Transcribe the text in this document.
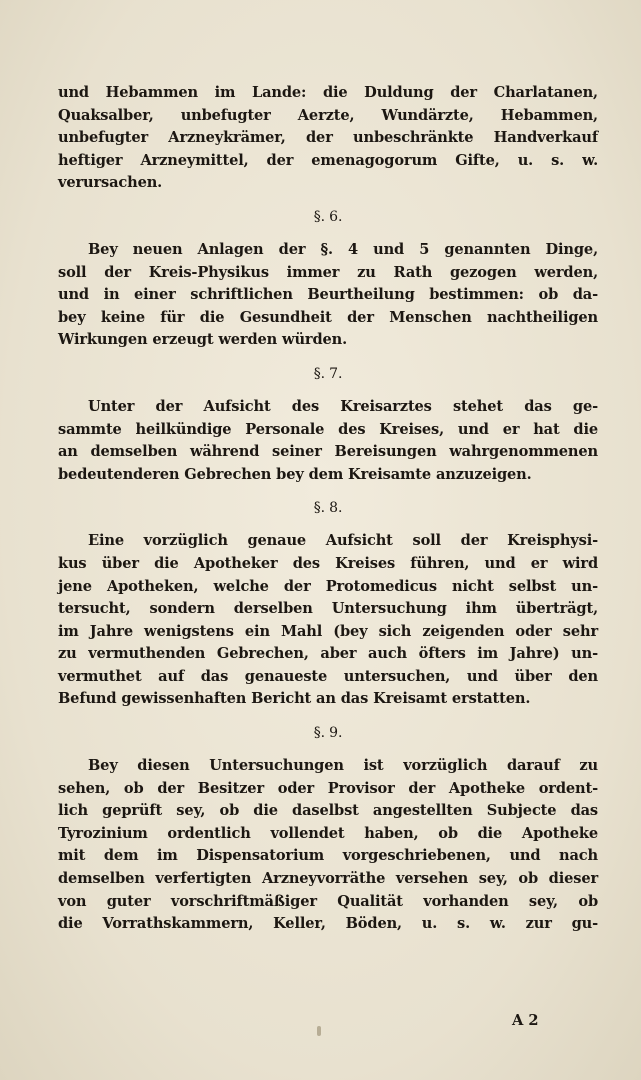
und Hebammen im Lande: die Duldung der Charlatanen,
Quaksalber, unbefugter Aerzte, Wundärzte, Hebammen,
unbefugter Arzneykrämer, der unbeschränkte Handverkauf
heftiger Arzneymittel, der emenagogorum Gifte, u. s. w.
verursachen.
§. 6.
Bey neuen Anlagen der §. 4 und 5 genannten Dinge,
soll der Kreis-Physikus immer zu Rath gezogen werden,
und in einer schriftlichen Beurtheilung bestimmen: ob da-
bey keine für die Gesundheit der Menschen nachtheiligen
Wirkungen erzeugt werden würden.
§. 7.
Unter der Aufsicht des Kreisarztes stehet das ge-
sammte heilkündige Personale des Kreises, und er hat die
an demselben während seiner Bereisungen wahrgenommenen
bedeutenderen Gebrechen bey dem Kreisamte anzuzeigen.
§. 8.
Eine vorzüglich genaue Aufsicht soll der Kreisphysi-
kus über die Apotheker des Kreises führen, und er wird
jene Apotheken, welche der Protomedicus nicht selbst un-
tersucht, sondern derselben Untersuchung ihm überträgt,
im Jahre wenigstens ein Mahl (bey sich zeigenden oder sehr
zu vermuthenden Gebrechen, aber auch öfters im Jahre) un-
vermuthet auf das genaueste untersuchen, und über den
Befund gewissenhaften Bericht an das Kreisamt erstatten.
§. 9.
Bey diesen Untersuchungen ist vorzüglich darauf zu
sehen, ob der Besitzer oder Provisor der Apotheke ordent-
lich geprüft sey, ob die daselbst angestellten Subjecte das
Tyrozinium ordentlich vollendet haben, ob die Apotheke
mit dem im Dispensatorium vorgeschriebenen, und nach
demselben verfertigten Arzneyvorräthe versehen sey, ob dieser
von guter vorschriftmäßiger Qualität vorhanden sey, ob
die Vorrathskammern, Keller, Böden, u. s. w. zur gu-
A 2
